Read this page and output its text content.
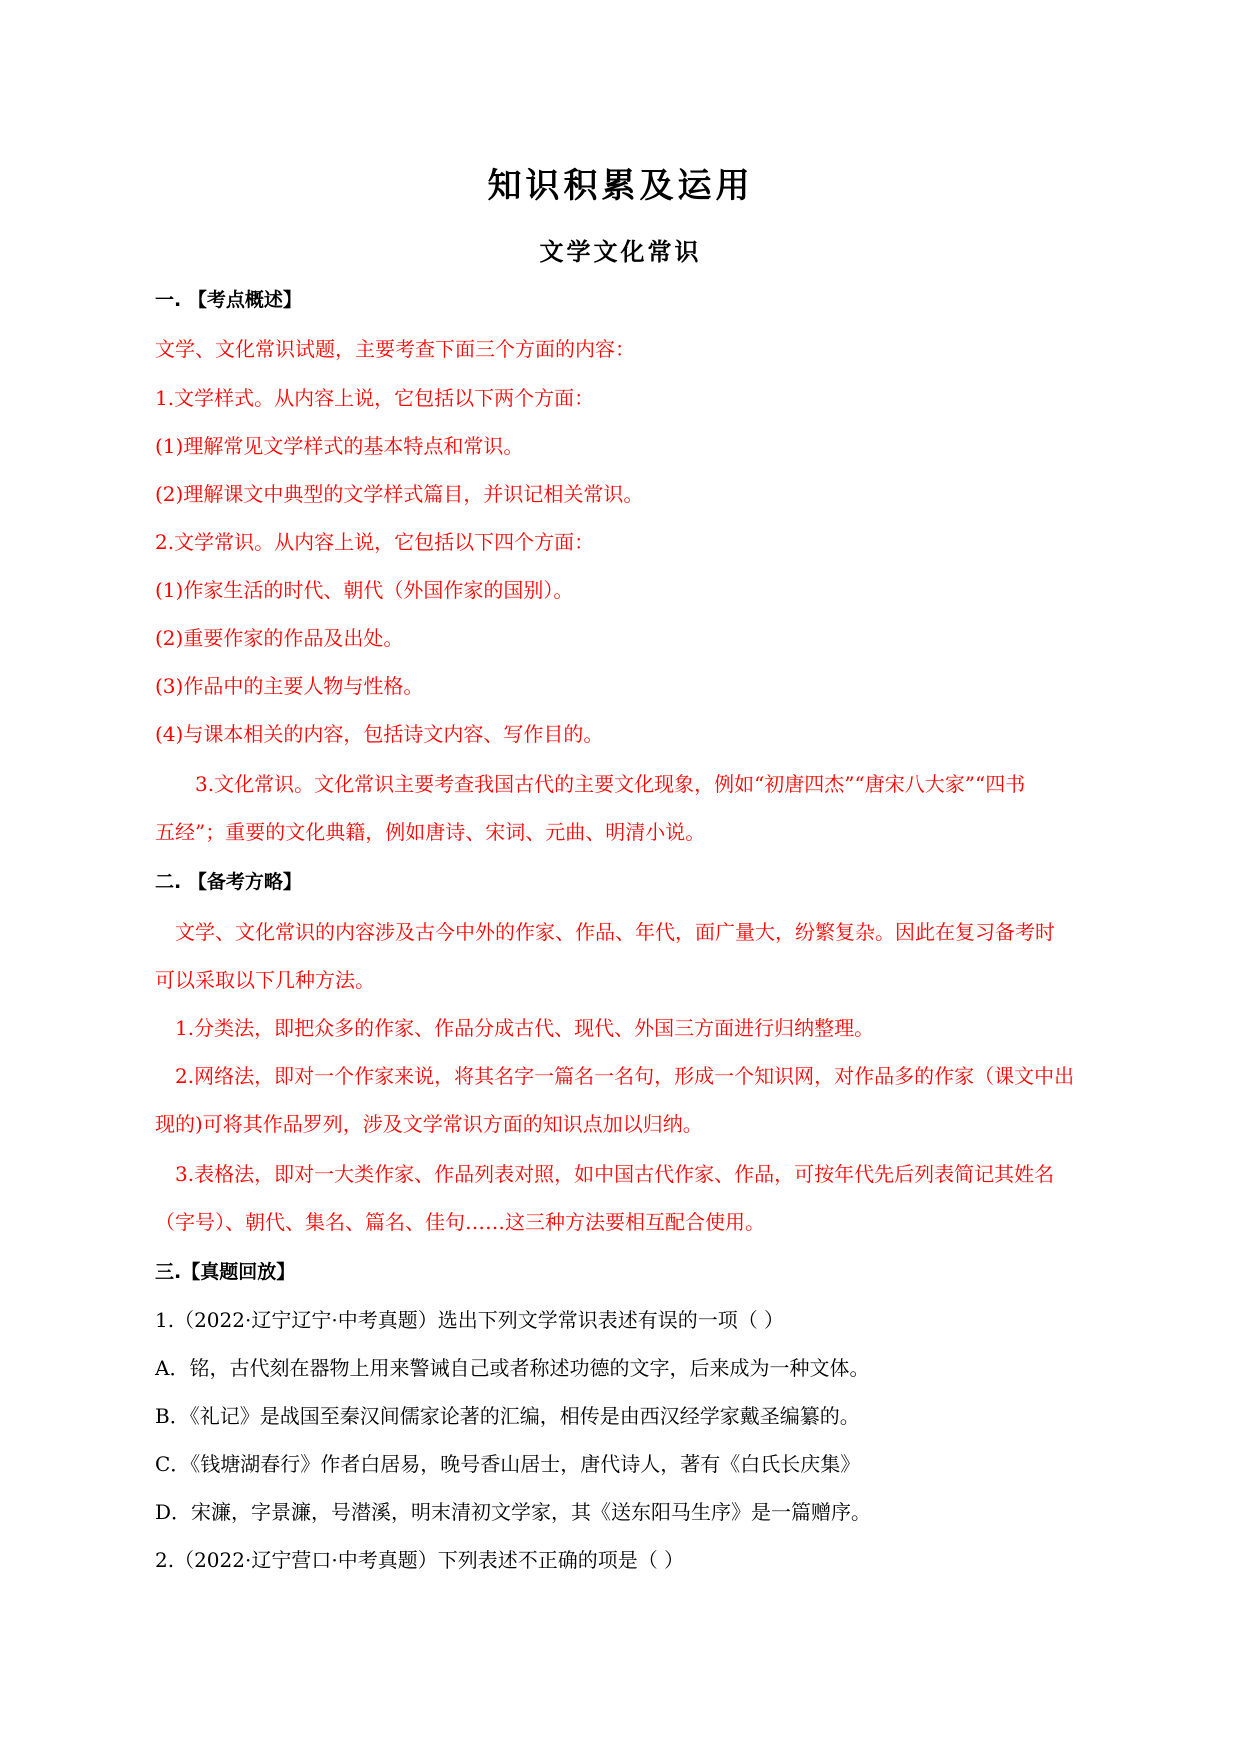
知识积累及运用
文学文化常识
一. 【考点概述】
文学、文化常识试题，主要考查下面三个方面的内容：
1.文学样式。从内容上说，它包括以下两个方面：
(1)理解常见文学样式的基本特点和常识。
(2)理解课文中典型的文学样式篇目，并识记相关常识。
2.文学常识。从内容上说，它包括以下四个方面：
(1)作家生活的时代、朝代（外国作家的国别）。
(2)重要作家的作品及出处。
(3)作品中的主要人物与性格。
(4)与课本相关的内容，包括诗文内容、写作目的。
3.文化常识。文化常识主要考查我国古代的主要文化现象，例如“初唐四杰”“唐宋八大家”“四书
五经”；重要的文化典籍，例如唐诗、宋词、元曲、明清小说。
二. 【备考方略】
文学、文化常识的内容涉及古今中外的作家、作品、年代，面广量大，纷繁复杂。因此在复习备考时
可以采取以下几种方法。
1.分类法，即把众多的作家、作品分成古代、现代、外国三方面进行归纳整理。
2.网络法，即对一个作家来说，将其名字一篇名一名句，形成一个知识网，对作品多的作家（课文中出
现的)可将其作品罗列，涉及文学常识方面的知识点加以归纳。
3.表格法，即对一大类作家、作品列表对照，如中国古代作家、作品，可按年代先后列表简记其姓名
（字号）、朝代、集名、篇名、佳句……这三种方法要相互配合使用。
三.【真题回放】
1.（2022·辽宁辽宁·中考真题）选出下列文学常识表述有误的一项（ ）
A．铭，古代刻在器物上用来警诫自己或者称述功德的文字，后来成为一种文体。
B．《礼记》是战国至秦汉间儒家论著的汇编，相传是由西汉经学家戴圣编纂的。
C．《钱塘湖春行》作者白居易，晚号香山居士，唐代诗人，著有《白氏长庆集》
D．宋濂，字景濂，号潜溪，明末清初文学家，其《送东阳马生序》是一篇赠序。
2.（2022·辽宁营口·中考真题）下列表述不正确的项是（ ）
